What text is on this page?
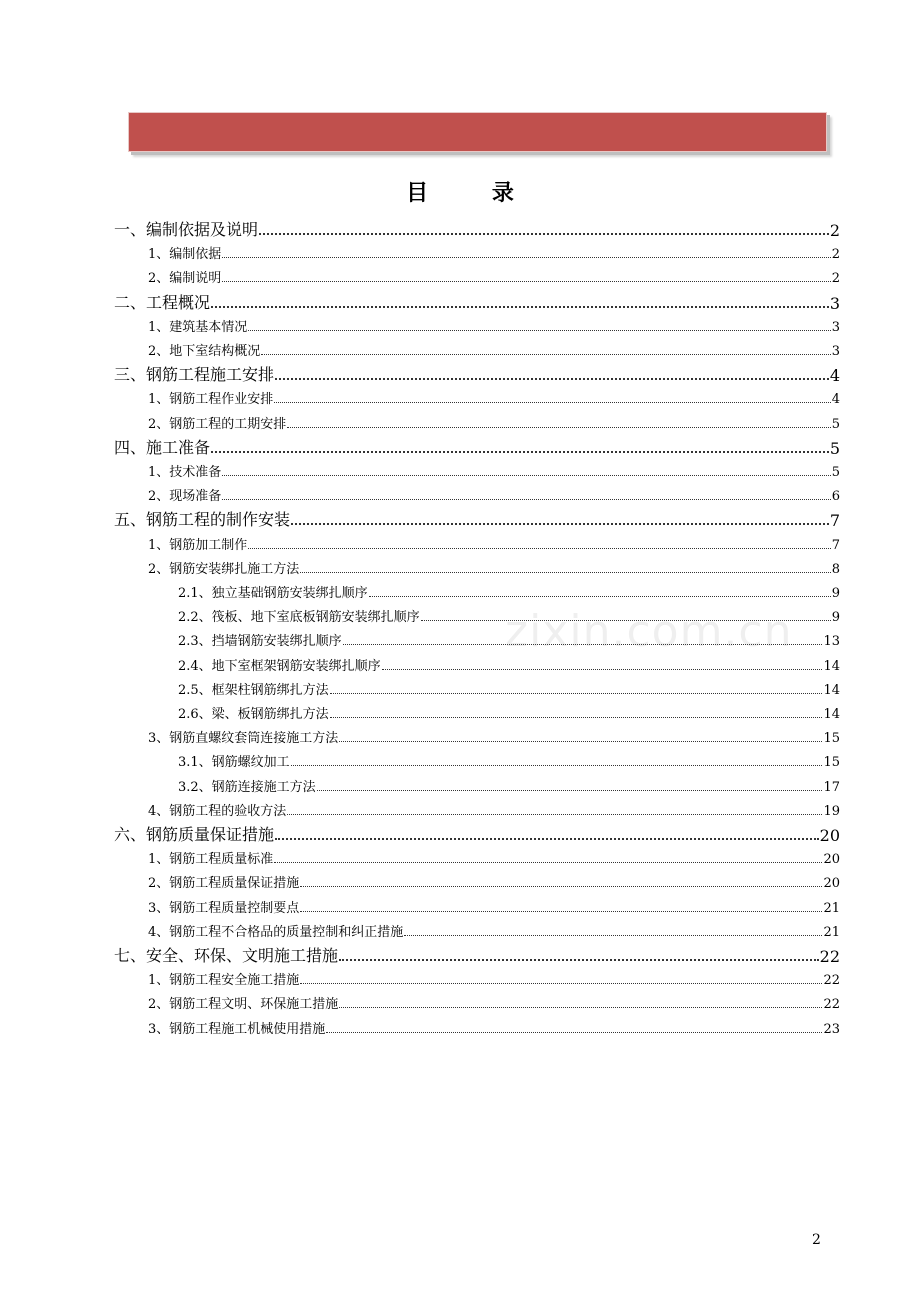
目 录
一、编制依据及说明	2
1、编制依据	2
2、编制说明	2
二、工程概况	3
1、建筑基本情况	3
2、地下室结构概况	3
三、钢筋工程施工安排	4
1、钢筋工程作业安排	4
2、钢筋工程的工期安排	5
四、施工准备	5
1、技术准备	5
2、现场准备	6
五、钢筋工程的制作安装	7
1、钢筋加工制作	7
2、钢筋安装绑扎施工方法	8
2.1、独立基础钢筋安装绑扎顺序	9
2.2、筏板、地下室底板钢筋安装绑扎顺序	9
2.3、挡墙钢筋安装绑扎顺序	13
2.4、地下室框架钢筋安装绑扎顺序	14
2.5、框架柱钢筋绑扎方法	14
2.6、梁、板钢筋绑扎方法	14
3、钢筋直螺纹套筒连接施工方法	15
3.1、钢筋螺纹加工	15
3.2、钢筋连接施工方法	17
4、钢筋工程的验收方法	19
六、钢筋质量保证措施	20
1、钢筋工程质量标准	20
2、钢筋工程质量保证措施	20
3、钢筋工程质量控制要点	21
4、钢筋工程不合格品的质量控制和纠正措施	21
七、安全、环保、文明施工措施	22
1、钢筋工程安全施工措施	22
2、钢筋工程文明、环保施工措施	22
3、钢筋工程施工机械使用措施	23
zixin.com.cn
2
